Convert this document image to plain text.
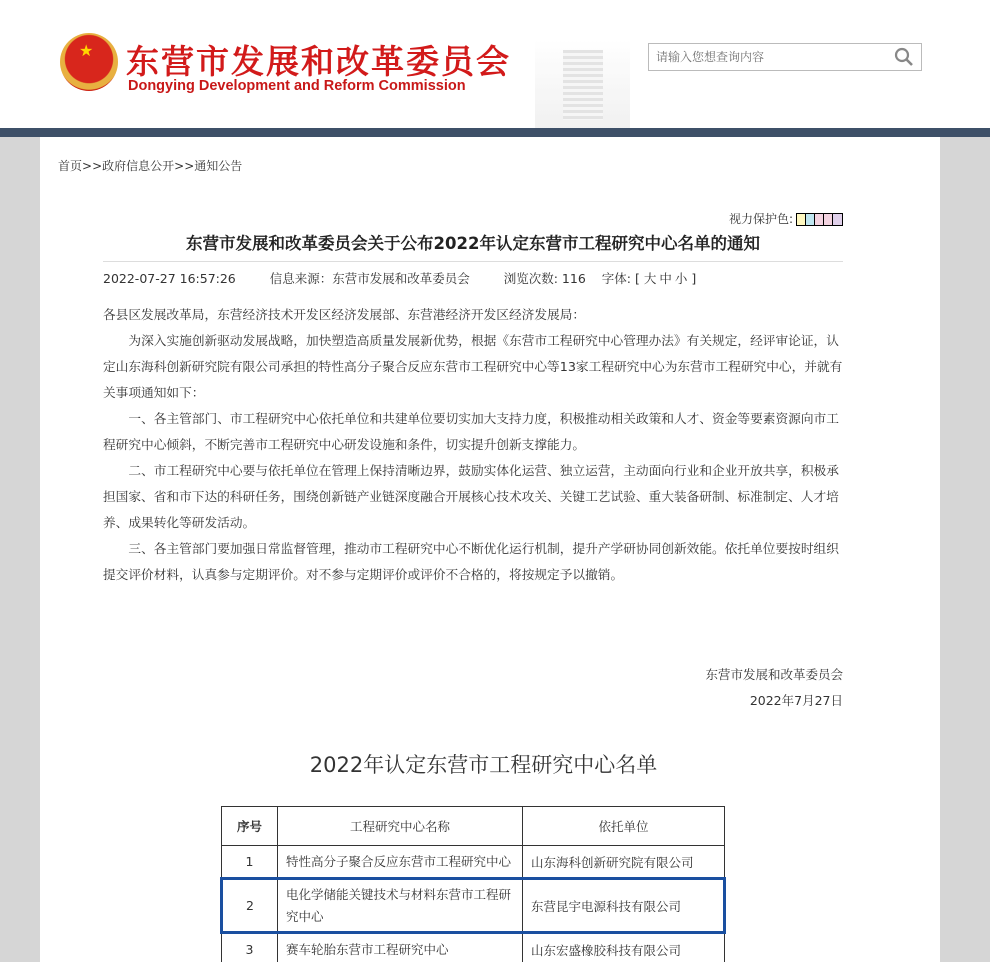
★ 东营市发展和改革委员会
Dongying Development and Reform Commission
请输入您想查询内容
首页>>政府信息公开>>通知公告
视力保护色:
东营市发展和改革委员会关于公布2022年认定东营市工程研究中心名单的通知
2022-07-27 16:57:26	信息来源：东营市发展和改革委员会	浏览次数: 116 字体: [ 大 中 小 ]

各县区发展改革局，东营经济技术开发区经济发展部、东营港经济开发区经济发展局：

为深入实施创新驱动发展战略，加快塑造高质量发展新优势，根据《东营市工程研究中心管理办法》有关规定，经评审论证，认定山东海科创新研究院有限公司承担的特性高分子聚合反应东营市工程研究中心等13家工程研究中心为东营市工程研究中心，并就有关事项通知如下：

一、各主管部门、市工程研究中心依托单位和共建单位要切实加大支持力度，积极推动相关政策和人才、资金等要素资源向市工程研究中心倾斜，不断完善市工程研究中心研发设施和条件，切实提升创新支撑能力。

二、市工程研究中心要与依托单位在管理上保持清晰边界，鼓励实体化运营、独立运营，主动面向行业和企业开放共享，积极承担国家、省和市下达的科研任务，围绕创新链产业链深度融合开展核心技术攻关、关键工艺试验、重大装备研制、标准制定、人才培养、成果转化等研发活动。

三、各主管部门要加强日常监督管理，推动市工程研究中心不断优化运行机制，提升产学研协同创新效能。依托单位要按时组织提交评价材料，认真参与定期评价。对不参与定期评价或评价不合格的，将按规定予以撤销。

东营市发展和改革委员会
2022年7月27日
2022年认定东营市工程研究中心名单
序号	工程研究中心名称	依托单位
1	特性高分子聚合反应东营市工程研究中心	山东海科创新研究院有限公司
2	电化学储能关键技术与材料东营市工程研究中心	东营昆宇电源科技有限公司
3	赛车轮胎东营市工程研究中心	山东宏盛橡胶科技有限公司
